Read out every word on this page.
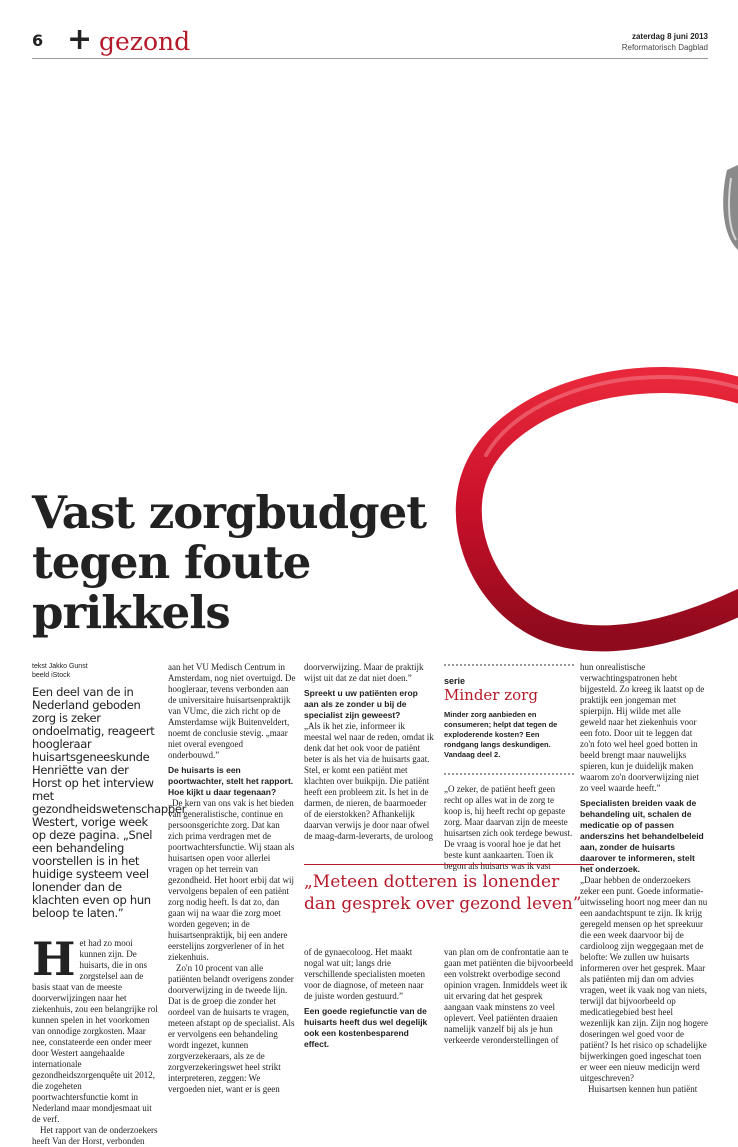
6 + gezond	zaterdag 8 juni 2013
Reformatorisch Dagblad
Vast zorgbudget tegen foute prikkels

tekst Jakko Gunst
beeld iStock

Een deel van de in Nederland geboden zorg is zeker ondoelmatig, reageert hoogleraar huisartsgeneeskunde Henriëtte van der Horst op het interview met gezondheidswetenschapper Westert, vorige week op deze pagina. „Snel een behandeling voorstellen is in het huidige systeem veel lonender dan de klachten even op hun beloop te laten.”

Het had zo mooi kunnen zijn. De huisarts, die in ons zorgstelsel aan de basis staat van de meeste doorverwijzingen naar het ziekenhuis, zou een belangrijke rol kunnen spelen in het voorkomen van onnodige zorgkosten. Maar nee, constateerde een onder meer door Westert aangehaalde internationale gezondheidszorgenquête uit 2012, die zogeheten poortwachtersfunctie komt in Nederland maar mondjesmaat uit de verf.

Het rapport van de onderzoekers heeft Van der Horst, verbonden

aan het VU Medisch Centrum in Amsterdam, nog niet overtuigd. De hoogleraar, tevens verbonden aan de universitaire huisartsenpraktijk van VUmc, die zich richt op de Amsterdamse wijk Buitenveldert, noemt de conclusie stevig. „maar niet overal evengoed onderbouwd.”

De huisarts is een poortwachter, stelt het rapport. Hoe kijkt u daar tegenaan?

„De kern van ons vak is het bieden van generalistische, continue en persoonsgerichte zorg. Dat kan zich prima verdragen met de poortwachtersfunctie. Wij staan als huisartsen open voor allerlei vragen op het terrein van gezondheid. Het hoort erbij dat wij vervolgens bepalen of een patiënt zorg nodig heeft. Is dat zo, dan gaan wij na waar die zorg moet worden gegeven; in de huisartsenpraktijk, bij een andere eerstelijns zorgverlener of in het ziekenhuis.

Zo'n 10 procent van alle patiënten belandt overigens zonder doorverwijzing in de tweede lijn. Dat is de groep die zonder het oordeel van de huisarts te vragen, meteen afstapt op de specialist. Als er vervolgens een behandeling wordt ingezet, kunnen zorgverzekeraars, als ze de zorgverzekeringswet heel strikt interpreteren, zeggen: We vergoeden niet, want er is geen

doorverwijzing. Maar de praktijk wijst uit dat ze dat niet doen.”

Spreekt u uw patiënten erop aan als ze zonder u bij de specialist zijn geweest?

„Als ik het zie, informeer ik meestal wel naar de reden, omdat ik denk dat het ook voor de patiënt beter is als het via de huisarts gaat. Stel, er komt een patiënt met klachten over buikpijn. Die patiënt heeft een probleem zit. Is het in de darmen, de nieren, de baarmoeder of de eierstokken? Afhankelijk daarvan verwijs je door naar ofwel de maag-darm-leverarts, de uroloog

serie
Minder zorg
Minder zorg aanbieden en consumeren; helpt dat tegen de exploderende kosten? Een rondgang langs deskundigen. Vandaag deel 2.

„O zeker, de patiënt heeft geen recht op alles wat in de zorg te koop is, hij heeft recht op gepaste zorg. Maar daarvan zijn de meeste huisartsen zich ook terdege bewust. De vraag is vooral hoe je dat het beste kunt aankaarten. Toen ik begon als huisarts was ik vast

„Meteen dotteren is lonender dan gesprek over gezond leven”

of de gynaecoloog. Het maakt nogal wat uit; langs drie verschillende specialisten moeten voor de diagnose, of meteen naar de juiste worden gestuurd.”

Een goede regiefunctie van de huisarts heeft dus wel degelijk ook een kostenbesparend effect.

van plan om de confrontatie aan te gaan met patiënten die bijvoorbeeld een volstrekt overbodige second opinion vragen. Inmiddels weet ik uit ervaring dat het gesprek aangaan vaak minstens zo veel oplevert. Veel patiënten draaien namelijk vanzelf bij als je hun verkeerde veronderstellingen of

hun onrealistische verwachtingspatronen hebt bijgesteld. Zo kreeg ik laatst op de praktijk een jongeman met spierpijn. Hij wilde met alle geweld naar het ziekenhuis voor een foto. Door uit te leggen dat zo'n foto wel heel goed botten in beeld brengt maar nauwelijks spieren, kun je duidelijk maken waarom zo'n doorverwijzing niet zo veel waarde heeft.”

Specialisten breiden vaak de behandeling uit, schalen de medicatie op of passen anderszins het behandelbeleid aan, zonder de huisarts daarover te informeren, stelt het onderzoek.

„Daar hebben de onderzoekers zeker een punt. Goede informatie-uitwisseling hoort nog meer dan nu een aandachtspunt te zijn. Ik krijg geregeld mensen op het spreekuur die een week daarvoor bij de cardioloog zijn weggegaan met de belofte: We zullen uw huisarts informeren over het gesprek. Maar als patiënten mij dan om advies vragen, weet ik vaak nog van niets, terwijl dat bijvoorbeeld op medicatiegebied best heel wezenlijk kan zijn. Zijn nog hogere doseringen wel goed voor de patiënt? Is het risico op schadelijke bijwerkingen goed ingeschat toen er weer een nieuw medicijn werd uitgeschreven?

Huisartsen kennen hun patiënt
